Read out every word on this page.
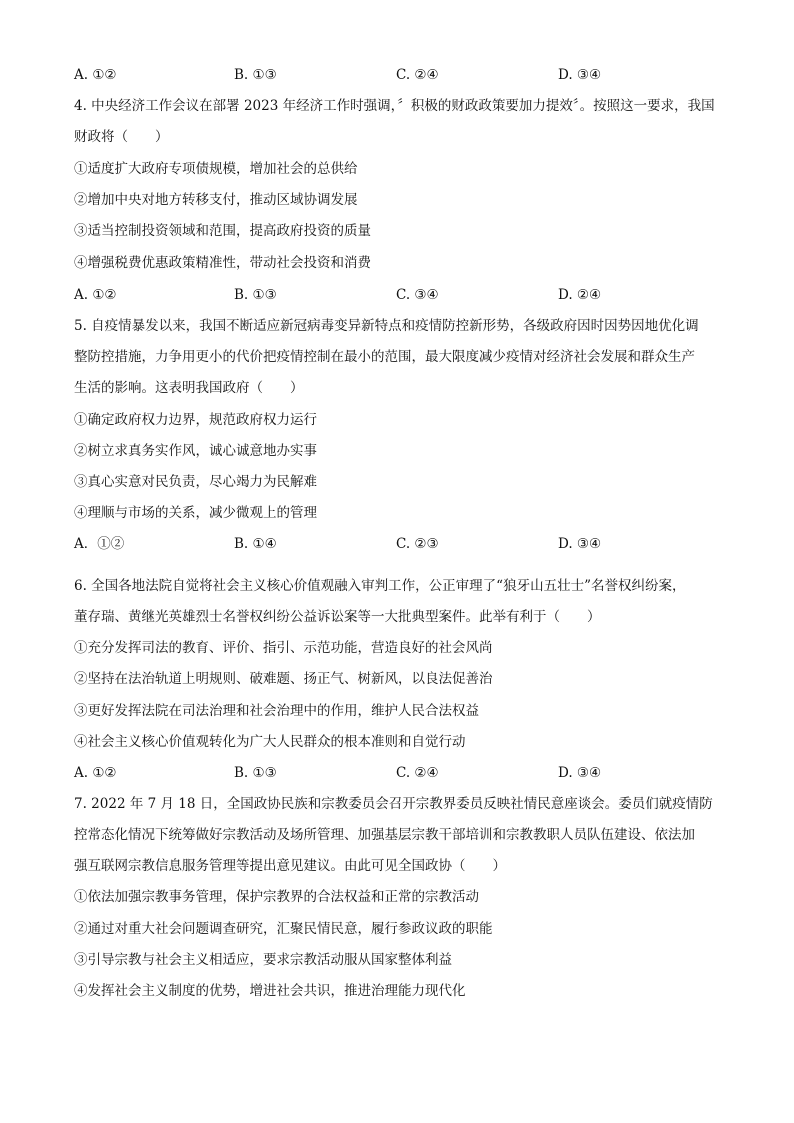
A. ①②	B. ①③	C. ②④	D. ③④
4. 中央经济工作会议在部署 2023 年经济工作时强调，〞积极的财政政策要加力提效〞。按照这一要求，我国
财政将（　　）
①适度扩大政府专项债规模，增加社会的总供给
②增加中央对地方转移支付，推动区域协调发展
③适当控制投资领域和范围，提高政府投资的质量
④增强税费优惠政策精准性，带动社会投资和消费
A. ①②	B. ①③	C. ③④	D. ②④
5. 自疫情暴发以来，我国不断适应新冠病毒变异新特点和疫情防控新形势，各级政府因时因势因地优化调
整防控措施，力争用更小的代价把疫情控制在最小的范围，最大限度减少疫情对经济社会发展和群众生产
生活的影响。这表明我国政府（　　）
①确定政府权力边界，规范政府权力运行
②树立求真务实作风，诚心诚意地办实事
③真心实意对民负责，尽心竭力为民解难
④理顺与市场的关系，减少微观上的管理
A．①②	B. ①④	C. ②③	D. ③④
6. 全国各地法院自觉将社会主义核心价值观融入审判工作，公正审理了“狼牙山五壮士”名誉权纠纷案，
董存瑞、黄继光英雄烈士名誉权纠纷公益诉讼案等一大批典型案件。此举有利于（　　）
①充分发挥司法的教育、评价、指引、示范功能，营造良好的社会风尚
②坚持在法治轨道上明规则、破难题、扬正气、树新风，以良法促善治
③更好发挥法院在司法治理和社会治理中的作用，维护人民合法权益
④社会主义核心价值观转化为广大人民群众的根本准则和自觉行动
A. ①②	B. ①③	C. ②④	D. ③④
7. 2022 年 7 月 18 日，全国政协民族和宗教委员会召开宗教界委员反映社情民意座谈会。委员们就疫情防
控常态化情况下统筹做好宗教活动及场所管理、加强基层宗教干部培训和宗教教职人员队伍建设、依法加
强互联网宗教信息服务管理等提出意见建议。由此可见全国政协（　　）
①依法加强宗教事务管理，保护宗教界的合法权益和正常的宗教活动
②通过对重大社会问题调查研究，汇聚民情民意，履行参政议政的职能
③引导宗教与社会主义相适应，要求宗教活动服从国家整体利益
④发挥社会主义制度的优势，增进社会共识，推进治理能力现代化
